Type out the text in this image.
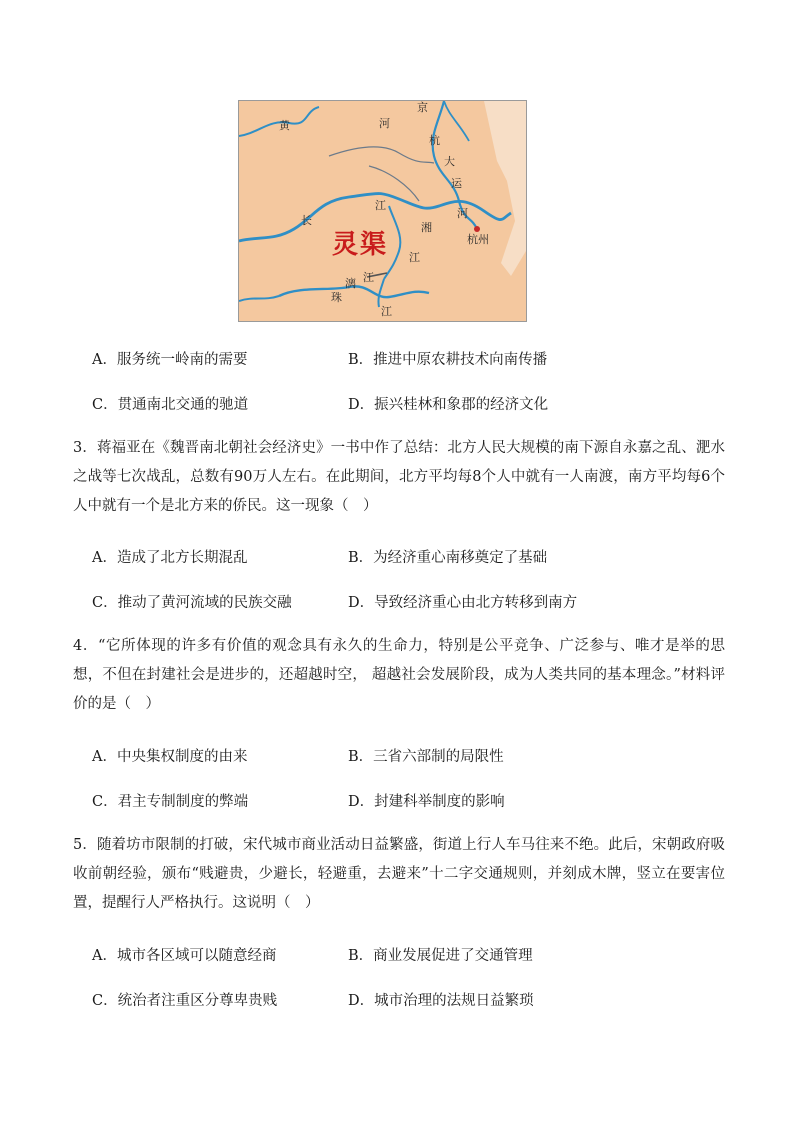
黄
京
河
杭
大
运
河
杭州
长
江
湘
江
漓 江
珠
江
灵渠
A．服务统一岭南的需要	B．推进中原农耕技术向南传播
C．贯通南北交通的驰道	D．振兴桂林和象郡的经济文化
3．蒋福亚在《魏晋南北朝社会经济史》一书中作了总结：北方人民大规模的南下源自永嘉之乱、淝水之战等七次战乱，总数有90万人左右。在此期间，北方平均每8个人中就有一人南渡，南方平均每6个人中就有一个是北方来的侨民。这一现象（　）
A．造成了北方长期混乱	B．为经济重心南移奠定了基础
C．推动了黄河流域的民族交融	D．导致经济重心由北方转移到南方
4．“它所体现的许多有价值的观念具有永久的生命力，特别是公平竞争、广泛参与、唯才是举的思想，不但在封建社会是进步的，还超越时空， 超越社会发展阶段，成为人类共同的基本理念。”材料评价的是（　）
A．中央集权制度的由来	B．三省六部制的局限性
C．君主专制制度的弊端	D．封建科举制度的影响
5．随着坊市限制的打破，宋代城市商业活动日益繁盛，街道上行人车马往来不绝。此后，宋朝政府吸收前朝经验，颁布“贱避贵，少避长，轻避重，去避来”十二字交通规则，并刻成木牌，竖立在要害位置，提醒行人严格执行。这说明（　）
A．城市各区域可以随意经商	B．商业发展促进了交通管理
C．统治者注重区分尊卑贵贱	D．城市治理的法规日益繁琐
